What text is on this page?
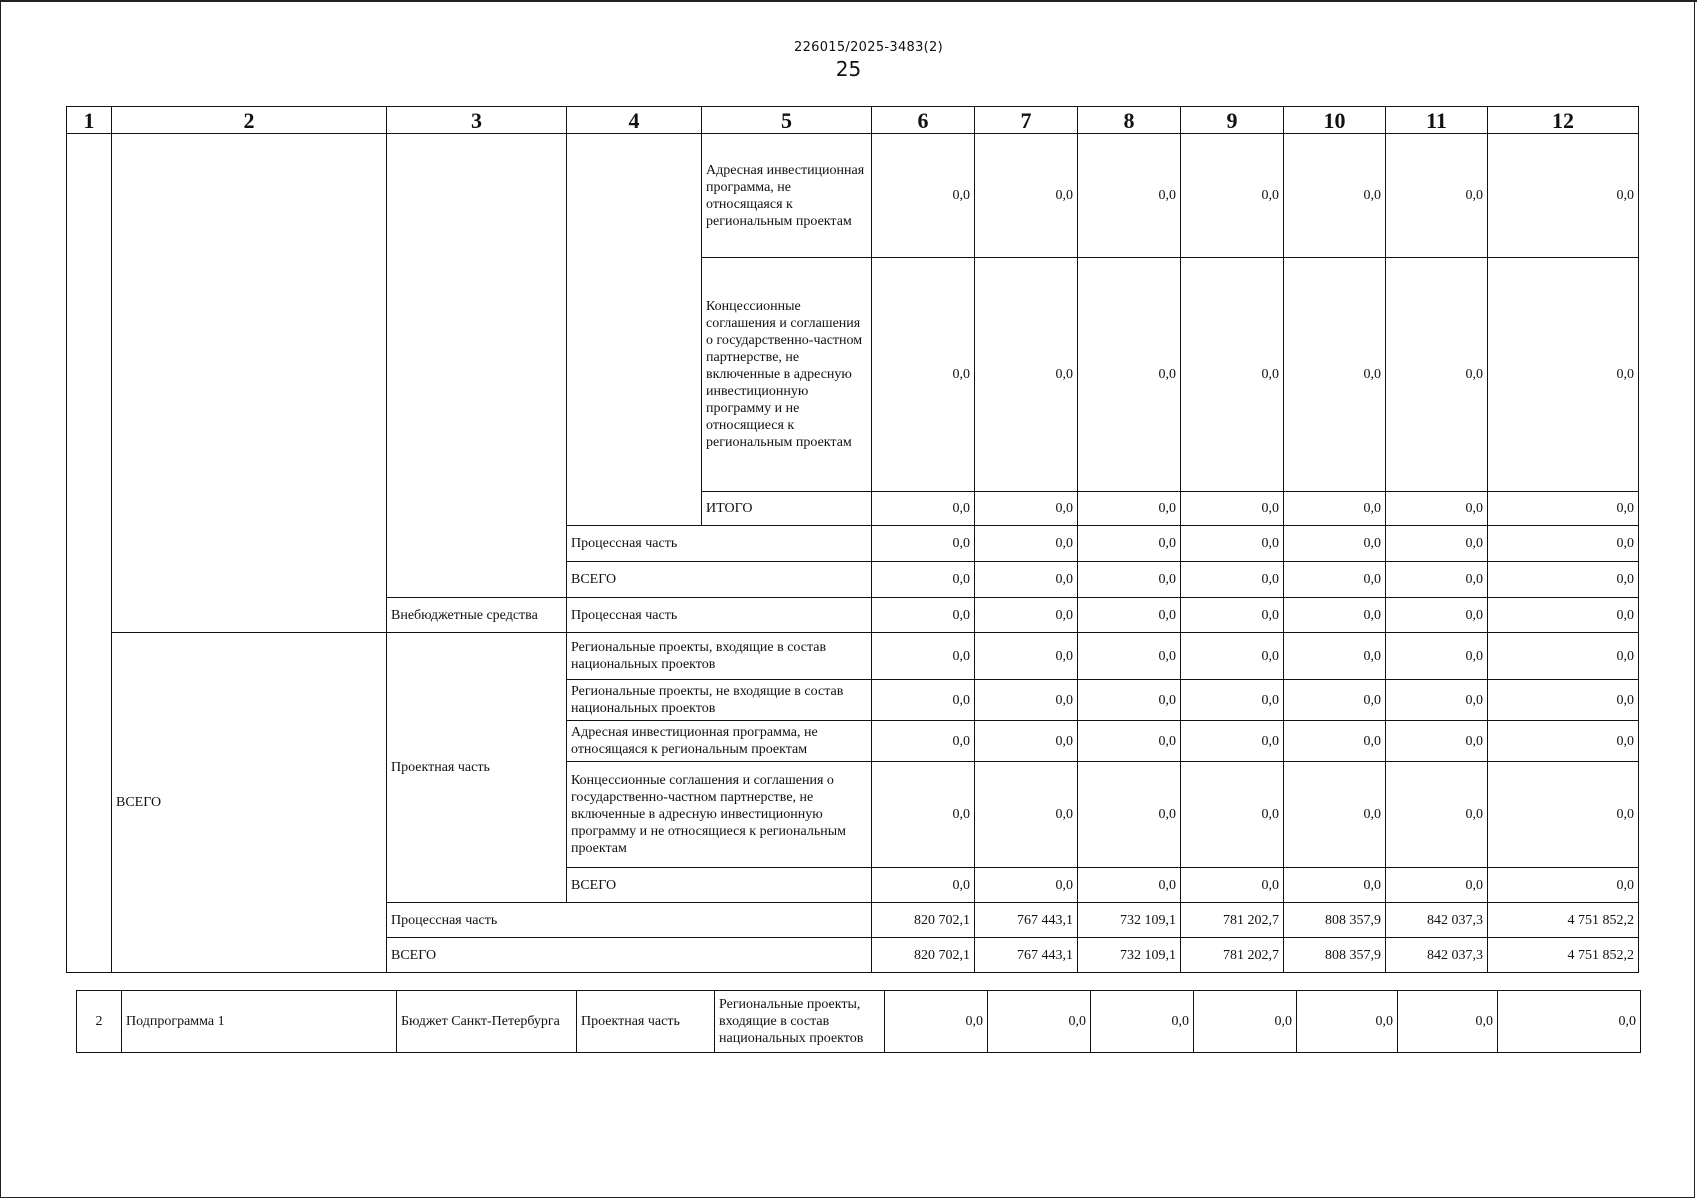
226015/2025-3483(2)
25
1	2	3	4	5	6	7	8	9	10	11	12
				Адресная инвестиционная программа, не относящаяся к региональным проектам	0,0	0,0	0,0	0,0	0,0	0,0	0,0
				Концессионные соглашения и соглашения о государственно-частном партнерстве, не включенные в адресную инвестиционную программу и не относящиеся к региональным проектам	0,0	0,0	0,0	0,0	0,0	0,0	0,0
				ИТОГО	0,0	0,0	0,0	0,0	0,0	0,0	0,0
			Процессная часть		0,0	0,0	0,0	0,0	0,0	0,0	0,0
			ВСЕГО		0,0	0,0	0,0	0,0	0,0	0,0	0,0
		Внебюджетные средства	Процессная часть		0,0	0,0	0,0	0,0	0,0	0,0	0,0
	ВСЕГО	Проектная часть	Региональные проекты, входящие в состав национальных проектов		0,0	0,0	0,0	0,0	0,0	0,0	0,0
			Региональные проекты, не входящие в состав национальных проектов		0,0	0,0	0,0	0,0	0,0	0,0	0,0
			Адресная инвестиционная программа, не относящаяся к региональным проектам		0,0	0,0	0,0	0,0	0,0	0,0	0,0
			Концессионные соглашения и соглашения о государственно-частном партнерстве, не включенные в адресную инвестиционную программу и не относящиеся к региональным проектам		0,0	0,0	0,0	0,0	0,0	0,0	0,0
			ВСЕГО		0,0	0,0	0,0	0,0	0,0	0,0	0,0
		Процессная часть			820 702,1	767 443,1	732 109,1	781 202,7	808 357,9	842 037,3	4 751 852,2
		ВСЕГО			820 702,1	767 443,1	732 109,1	781 202,7	808 357,9	842 037,3	4 751 852,2
2	Подпрограмма 1	Бюджет Санкт-Петербурга	Проектная часть	Региональные проекты, входящие в состав национальных проектов	0,0	0,0	0,0	0,0	0,0	0,0	0,0
